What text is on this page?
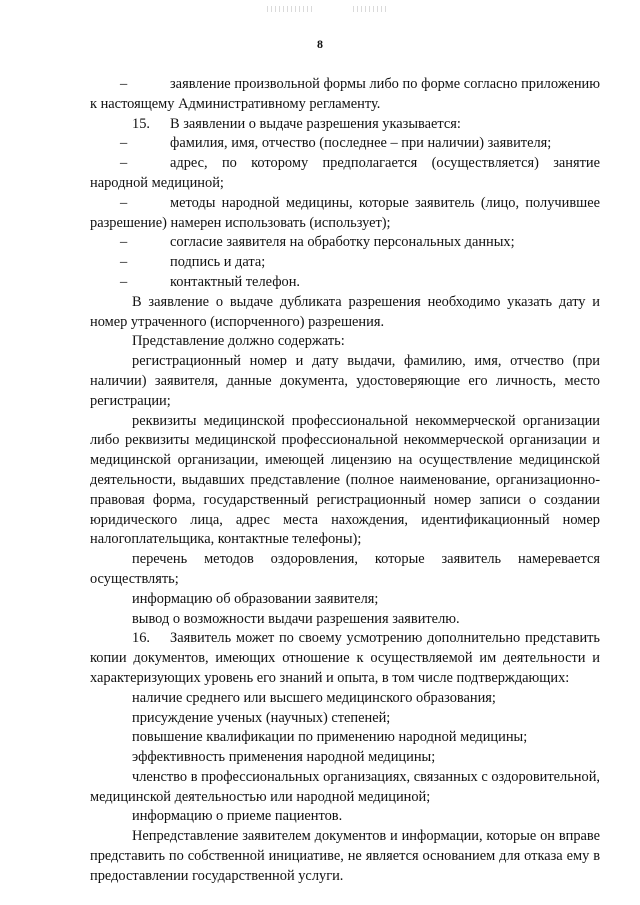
8

–	заявление произвольной формы либо по форме согласно приложению к настоящему Административному регламенту.

15. В заявлении о выдаче разрешения указывается:

–	фамилия, имя, отчество (последнее – при наличии) заявителя;

–	адрес, по которому предполагается (осуществляется) занятие народной медициной;

–	методы народной медицины, которые заявитель (лицо, получившее разрешение) намерен использовать (использует);

–	согласие заявителя на обработку персональных данных;
–	подпись и дата;
–	контактный телефон.

В заявление о выдаче дубликата разрешения необходимо указать дату и номер утраченного (испорченного) разрешения.

Представление должно содержать:

регистрационный номер и дату выдачи, фамилию, имя, отчество (при наличии) заявителя, данные документа, удостоверяющие его личность, место регистрации;

реквизиты медицинской профессиональной некоммерческой организации либо реквизиты медицинской профессиональной некоммерческой организации и медицинской организации, имеющей лицензию на осуществление медицинской деятельности, выдавших представление (полное наименование, организационно-правовая форма, государственный регистрационный номер записи о создании юридического лица, адрес места нахождения, идентификационный номер налогоплательщика, контактные телефоны);

перечень методов оздоровления, которые заявитель намеревается осуществлять;

информацию об образовании заявителя;

вывод о возможности выдачи разрешения заявителю.

16. Заявитель может по своему усмотрению дополнительно представить копии документов, имеющих отношение к осуществляемой им деятельности и характеризующих уровень его знаний и опыта, в том числе подтверждающих:

наличие среднего или высшего медицинского образования;

присуждение ученых (научных) степеней;

повышение квалификации по применению народной медицины;

эффективность применения народной медицины;

членство в профессиональных организациях, связанных с оздоровительной, медицинской деятельностью или народной медициной;

информацию о приеме пациентов.

Непредставление заявителем документов и информации, которые он вправе представить по собственной инициативе, не является основанием для отказа ему в предоставлении государственной услуги.
